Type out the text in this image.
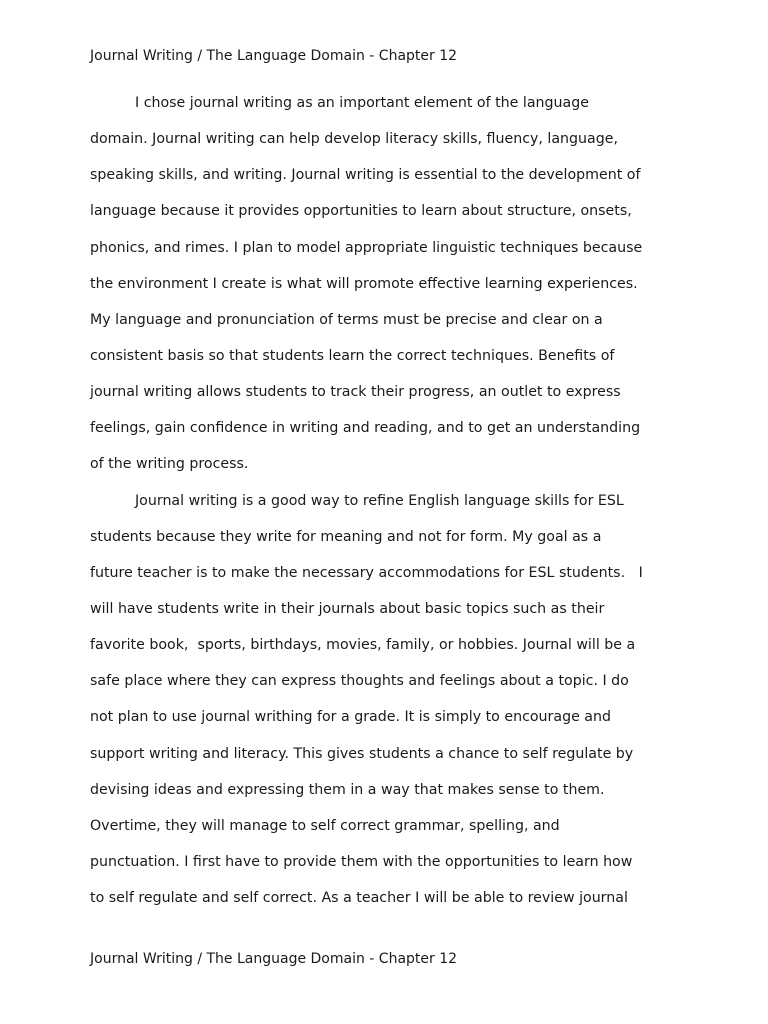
Journal Writing / The Language Domain - Chapter 12
I chose journal writing as an important element of the language
domain. Journal writing can help develop literacy skills, fluency, language,
speaking skills, and writing. Journal writing is essential to the development of
language because it provides opportunities to learn about structure, onsets,
phonics, and rimes. I plan to model appropriate linguistic techniques because
the environment I create is what will promote effective learning experiences.
My language and pronunciation of terms must be precise and clear on a
consistent basis so that students learn the correct techniques. Benefits of
journal writing allows students to track their progress, an outlet to express
feelings, gain confidence in writing and reading, and to get an understanding
of the writing process.
Journal writing is a good way to refine English language skills for ESL
students because they write for meaning and not for form. My goal as a
future teacher is to make the necessary accommodations for ESL students.   I
will have students write in their journals about basic topics such as their
favorite book,  sports, birthdays, movies, family, or hobbies. Journal will be a
safe place where they can express thoughts and feelings about a topic. I do
not plan to use journal writhing for a grade. It is simply to encourage and
support writing and literacy. This gives students a chance to self regulate by
devising ideas and expressing them in a way that makes sense to them.
Overtime, they will manage to self correct grammar, spelling, and
punctuation. I first have to provide them with the opportunities to learn how
to self regulate and self correct. As a teacher I will be able to review journal
Journal Writing / The Language Domain - Chapter 12
